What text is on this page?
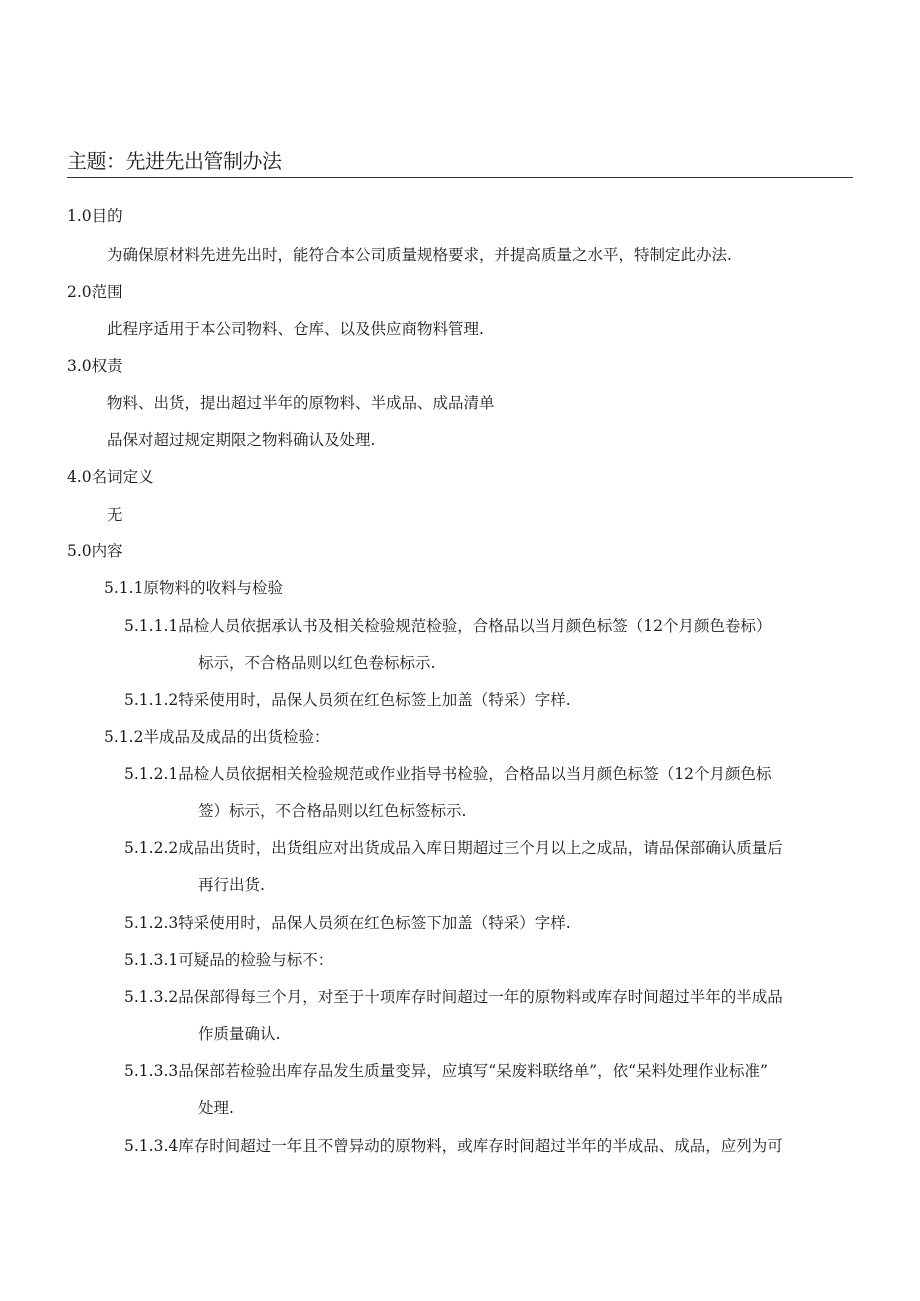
主题：先进先出管制办法
1.0目的
为确保原材料先进先出时，能符合本公司质量规格要求，并提高质量之水平，特制定此办法.
2.0范围
此程序适用于本公司物料、仓库、以及供应商物料管理.
3.0权责
物料、出货，提出超过半年的原物料、半成品、成品清单
品保对超过规定期限之物料确认及处理.
4.0名词定义
无
5.0内容
5.1.1原物料的收料与检验
5.1.1.1品检人员依据承认书及相关检验规范检验，合格品以当月颜色标签（12个月颜色卷标）
标示，不合格品则以红色卷标标示.
5.1.1.2特采使用时，品保人员须在红色标签上加盖（特采）字样.
5.1.2半成品及成品的出货检验：
5.1.2.1品检人员依据相关检验规范或作业指导书检验，合格品以当月颜色标签（12个月颜色标
签）标示，不合格品则以红色标签标示.
5.1.2.2成品出货时，出货组应对出货成品入库日期超过三个月以上之成品，请品保部确认质量后
再行出货.
5.1.2.3特采使用时，品保人员须在红色标签下加盖（特采）字样.
5.1.3.1可疑品的检验与标不：
5.1.3.2品保部得每三个月，对至于十项库存时间超过一年的原物料或库存时间超过半年的半成品
作质量确认.
5.1.3.3品保部若检验出库存品发生质量变异，应填写“呆废料联络单”，依“呆料处理作业标准”
处理.
5.1.3.4库存时间超过一年且不曾异动的原物料，或库存时间超过半年的半成品、成品，应列为可
